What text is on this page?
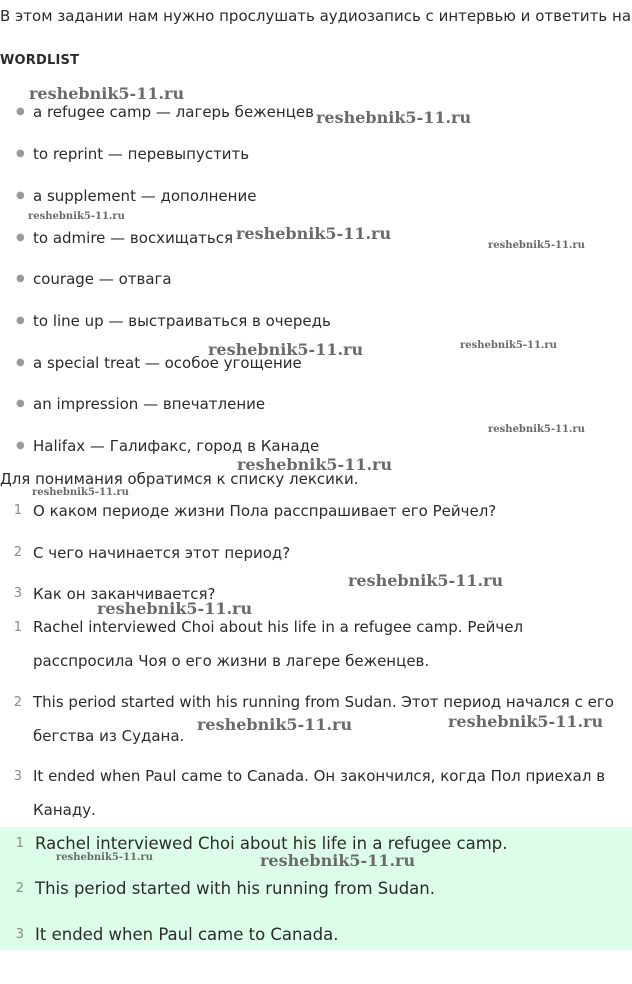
В этом задании нам нужно прослушать аудиозапись с интервью и ответить на
WORDLIST
● a refugee camp — лагерь беженцев
● to reprint — перевыпустить
● a supplement — дополнение
● to admire — восхищаться
● courage — отвага
● to line up — выстраиваться в очередь
● a special treat — особое угощение
● an impression — впечатление
● Halifax — Галифакс, город в Канаде
Для понимания обратимся к списку лексики.
1 О каком периоде жизни Пола расспрашивает его Рейчел?
2 С чего начинается этот период?
3 Как он заканчивается?
1 Rachel interviewed Choi about his life in a refugee camp. Рейчел расспросила Чоя о его жизни в лагере беженцев.
2 This period started with his running from Sudan. Этот период начался с его бегства из Судана.
3 It ended when Paul came to Canada. Он закончился, когда Пол приехал в Канаду.
1 Rachel interviewed Choi about his life in a refugee camp.
2 This period started with his running from Sudan.
3 It ended when Paul came to Canada.
reshebnik5-11.ru
reshebnik5-11.ru
reshebnik5-11.ru
reshebnik5-11.ru
reshebnik5-11.ru
reshebnik5-11.ru	reshebnik5-11.ru
reshebnik5-11.ru
reshebnik5-11.ru
reshebnik5-11.ru
reshebnik5-11.ru
reshebnik5-11.ru
reshebnik5-11.ru	reshebnik5-11.ru
reshebnik5-11.ru	reshebnik5-11.ru
